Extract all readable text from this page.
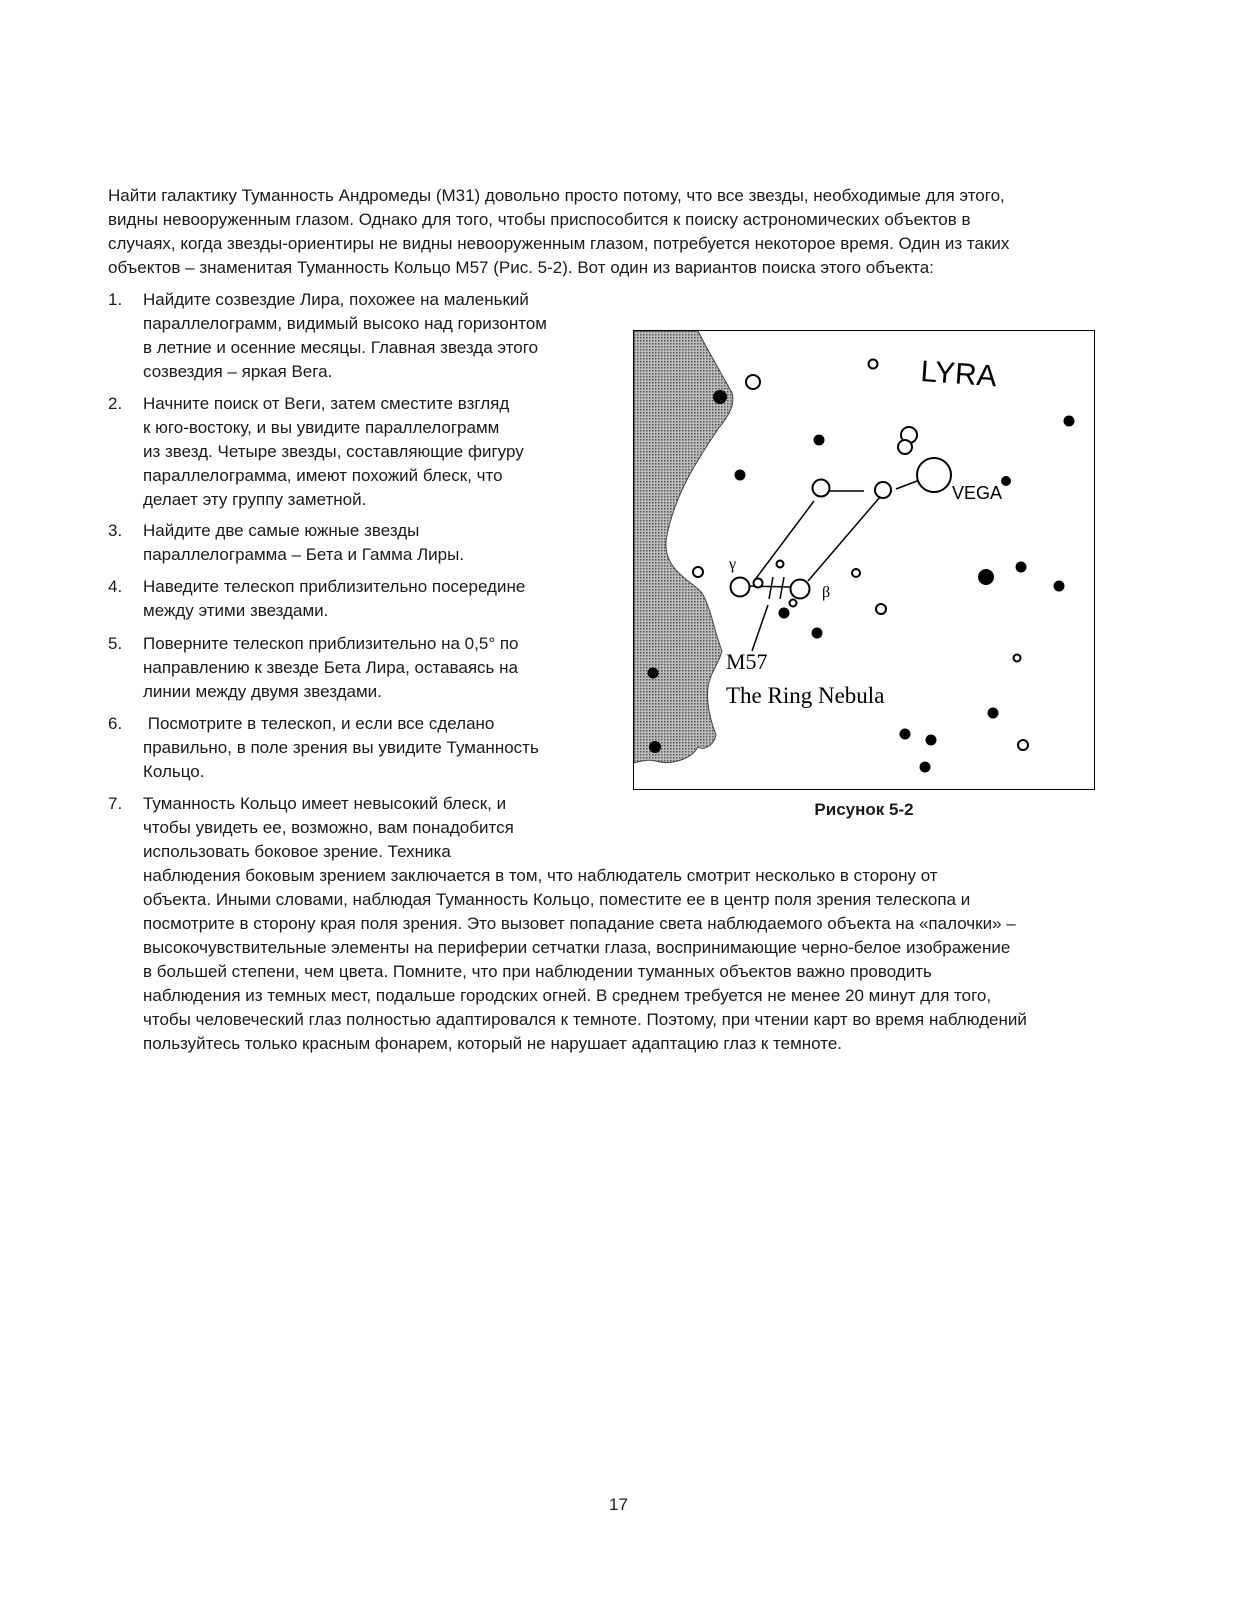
Найти галактику Туманность Андромеды (М31) довольно просто потому, что все звезды, необходимые для этого,
видны невооруженным глазом. Однако для того, чтобы приспособится к поиску астрономических объектов в
случаях, когда звезды-ориентиры не видны невооруженным глазом, потребуется некоторое время. Один из таких
объектов – знаменитая Туманность Кольцо М57 (Рис. 5-2). Вот один из вариантов поиска этого объекта:

1.	Найдите созвездие Лира, похожее на маленький
параллелограмм, видимый высоко над горизонтом
в летние и осенние месяцы. Главная звезда этого
созвездия – яркая Вега.
2.	Начните поиск от Веги, затем сместите взгляд
к юго-востоку, и вы увидите параллелограмм
из звезд. Четыре звезды, составляющие фигуру
параллелограмма, имеют похожий блеск, что
делает эту группу заметной.
3.	Найдите две самые южные звезды
параллелограмма – Бета и Гамма Лиры.
4.	Наведите телескоп приблизительно посередине
между этими звездами.
5.	Поверните телескоп приблизительно на 0,5° по
направлению к звезде Бета Лира, оставаясь на
линии между двумя звездами.
6.	Посмотрите в телескоп, и если все сделано
правильно, в поле зрения вы увидите Туманность
Кольцо.
7.	Туманность Кольцо имеет невысокий блеск, и
чтобы увидеть ее, возможно, вам понадобится
использовать боковое зрение. Техника
наблюдения боковым зрением заключается в том, что наблюдатель смотрит несколько в сторону от
объекта. Иными словами, наблюдая Туманность Кольцо, поместите ее в центр поля зрения телескопа и
посмотрите в сторону края поля зрения. Это вызовет попадание света наблюдаемого объекта на «палочки» –
высокочувствительные элементы на периферии сетчатки глаза, воспринимающие черно-белое изображение
в большей степени, чем цвета. Помните, что при наблюдении туманных объектов важно проводить
наблюдения из темных мест, подальше городских огней. В среднем требуется не менее 20 минут для того,
чтобы человеческий глаз полностью адаптировался к темноте. Поэтому, при чтении карт во время наблюдений
пользуйтесь только красным фонарем, который не нарушает адаптацию глаз к темноте.
LYRA
VEGA
γ
β
M57
The Ring Nebula
Рисунок 5-2
17
